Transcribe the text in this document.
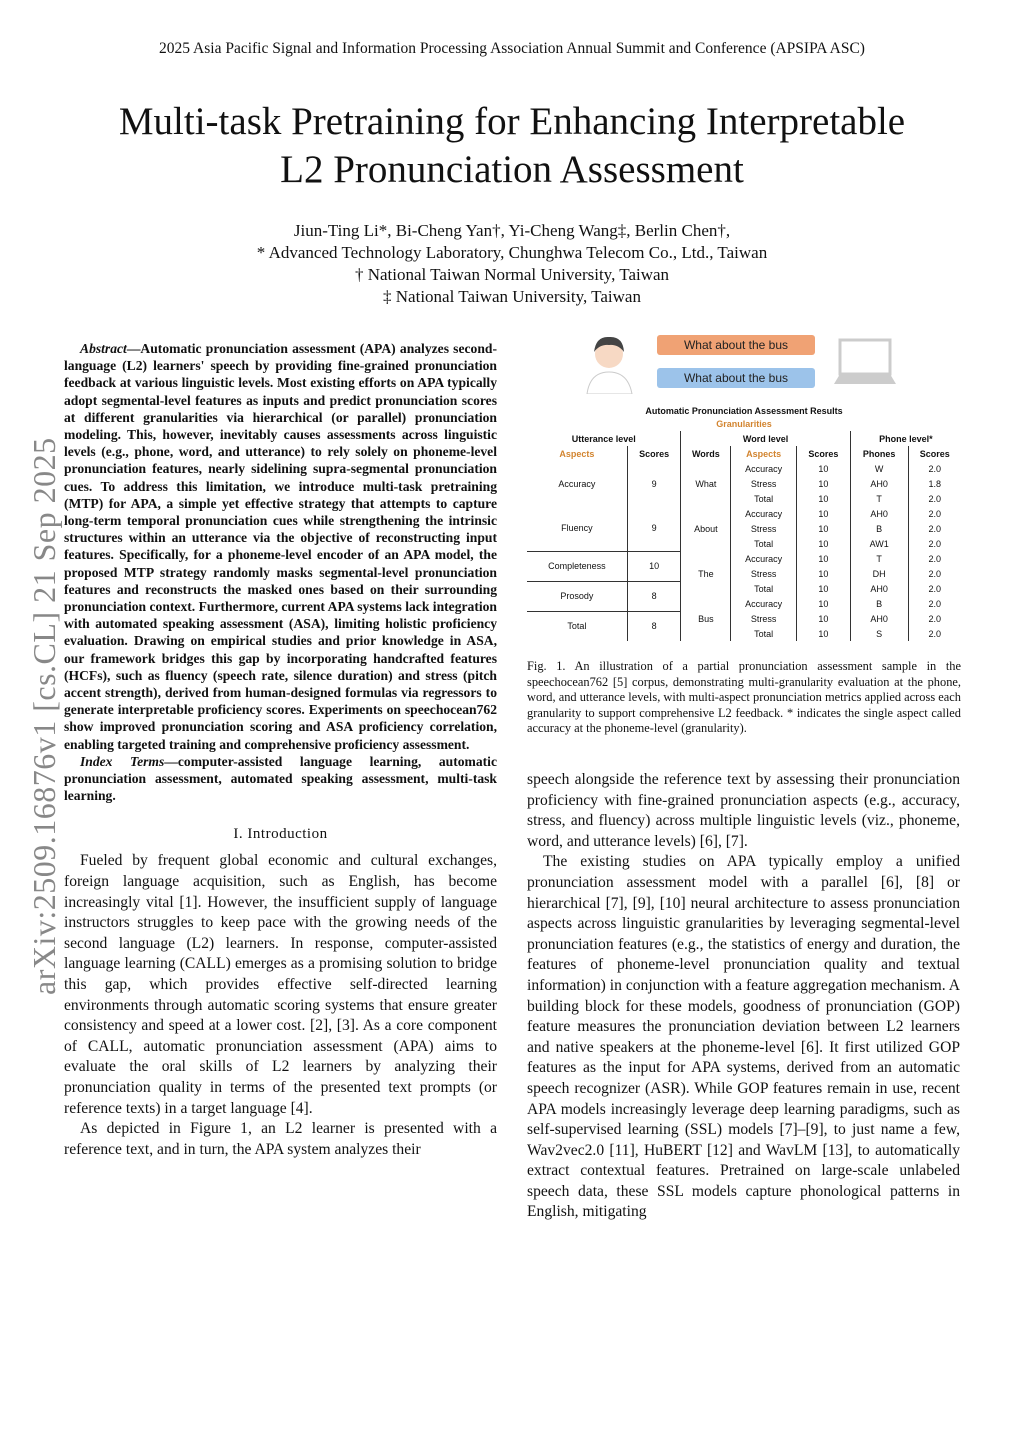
2025 Asia Pacific Signal and Information Processing Association Annual Summit and Conference (APSIPA ASC)
Multi-task Pretraining for Enhancing Interpretable
L2 Pronunciation Assessment
Jiun-Ting Li*, Bi-Cheng Yan†, Yi-Cheng Wang‡, Berlin Chen†,
* Advanced Technology Laboratory, Chunghwa Telecom Co., Ltd., Taiwan
† National Taiwan Normal University, Taiwan
‡ National Taiwan University, Taiwan
arXiv:2509.16876v1 [cs.CL] 21 Sep 2025

Abstract—Automatic pronunciation assessment (APA) analyzes second-language (L2) learners' speech by providing fine-grained pronunciation feedback at various linguistic levels. Most existing efforts on APA typically adopt segmental-level features as inputs and predict pronunciation scores at different granularities via hierarchical (or parallel) pronunciation modeling. This, however, inevitably causes assessments across linguistic levels (e.g., phone, word, and utterance) to rely solely on phoneme-level pronunciation features, nearly sidelining supra-segmental pronunciation cues. To address this limitation, we introduce multi-task pretraining (MTP) for APA, a simple yet effective strategy that attempts to capture long-term temporal pronunciation cues while strengthening the intrinsic structures within an utterance via the objective of reconstructing input features. Specifically, for a phoneme-level encoder of an APA model, the proposed MTP strategy randomly masks segmental-level pronunciation features and reconstructs the masked ones based on their surrounding pronunciation context. Furthermore, current APA systems lack integration with automated speaking assessment (ASA), limiting holistic proficiency evaluation. Drawing on empirical studies and prior knowledge in ASA, our framework bridges this gap by incorporating handcrafted features (HCFs), such as fluency (speech rate, silence duration) and stress (pitch accent strength), derived from human-designed formulas via regressors to generate interpretable proficiency scores. Experiments on speechocean762 show improved pronunciation scoring and ASA proficiency correlation, enabling targeted training and comprehensive proficiency assessment.

Index Terms—computer-assisted language learning, automatic pronunciation assessment, automated speaking assessment, multi-task learning.

I. Introduction

Fueled by frequent global economic and cultural exchanges, foreign language acquisition, such as English, has become increasingly vital [1]. However, the insufficient supply of language instructors struggles to keep pace with the growing needs of the second language (L2) learners. In response, computer-assisted language learning (CALL) emerges as a promising solution to bridge this gap, which provides effective self-directed learning environments through automatic scoring systems that ensure greater consistency and speed at a lower cost. [2], [3]. As a core component of CALL, automatic pronunciation assessment (APA) aims to evaluate the oral skills of L2 learners by analyzing their pronunciation quality in terms of the presented text prompts (or reference texts) in a target language [4].

As depicted in Figure 1, an L2 learner is presented with a reference text, and in turn, the APA system analyzes their

What about the bus
What about the bus
Automatic Pronunciation Assessment Results
Granularities
Utterance level		Word level			Phone level*	
Aspects	Scores	Words	Aspects	Scores	Phones	Scores
Accuracy	9	What	Accuracy	10	W	2.0
			Stress	10	AH0	1.8
			Total	10	T	2.0
Fluency	9	About	Accuracy	10	AH0	2.0
			Stress	10	B	2.0
			Total	10	AW1	2.0
Completeness	10	The	Accuracy	10	T	2.0
			Stress	10	DH	2.0
Prosody	8		Total	10	AH0	2.0
		Bus	Accuracy	10	B	2.0
Total	8		Stress	10	AH0	2.0
			Total	10	S	2.0
Fig. 1. An illustration of a partial pronunciation assessment sample in the speechocean762 [5] corpus, demonstrating multi-granularity evaluation at the phone, word, and utterance levels, with multi-aspect pronunciation metrics applied across each granularity to support comprehensive L2 feedback. * indicates the single aspect called accuracy at the phoneme-level (granularity).

speech alongside the reference text by assessing their pronunciation proficiency with fine-grained pronunciation aspects (e.g., accuracy, stress, and fluency) across multiple linguistic levels (viz., phoneme, word, and utterance levels) [6], [7].

The existing studies on APA typically employ a unified pronunciation assessment model with a parallel [6], [8] or hierarchical [7], [9], [10] neural architecture to assess pronunciation aspects across linguistic granularities by leveraging segmental-level pronunciation features (e.g., the statistics of energy and duration, the features of phoneme-level pronunciation quality and textual information) in conjunction with a feature aggregation mechanism. A building block for these models, goodness of pronunciation (GOP) feature measures the pronunciation deviation between L2 learners and native speakers at the phoneme-level [6]. It first utilized GOP features as the input for APA systems, derived from an automatic speech recognizer (ASR). While GOP features remain in use, recent APA models increasingly leverage deep learning paradigms, such as self-supervised learning (SSL) models [7]–[9], to just name a few, Wav2vec2.0 [11], HuBERT [12] and WavLM [13], to automatically extract contextual features. Pretrained on large-scale unlabeled speech data, these SSL models capture phonological patterns in English, mitigating
